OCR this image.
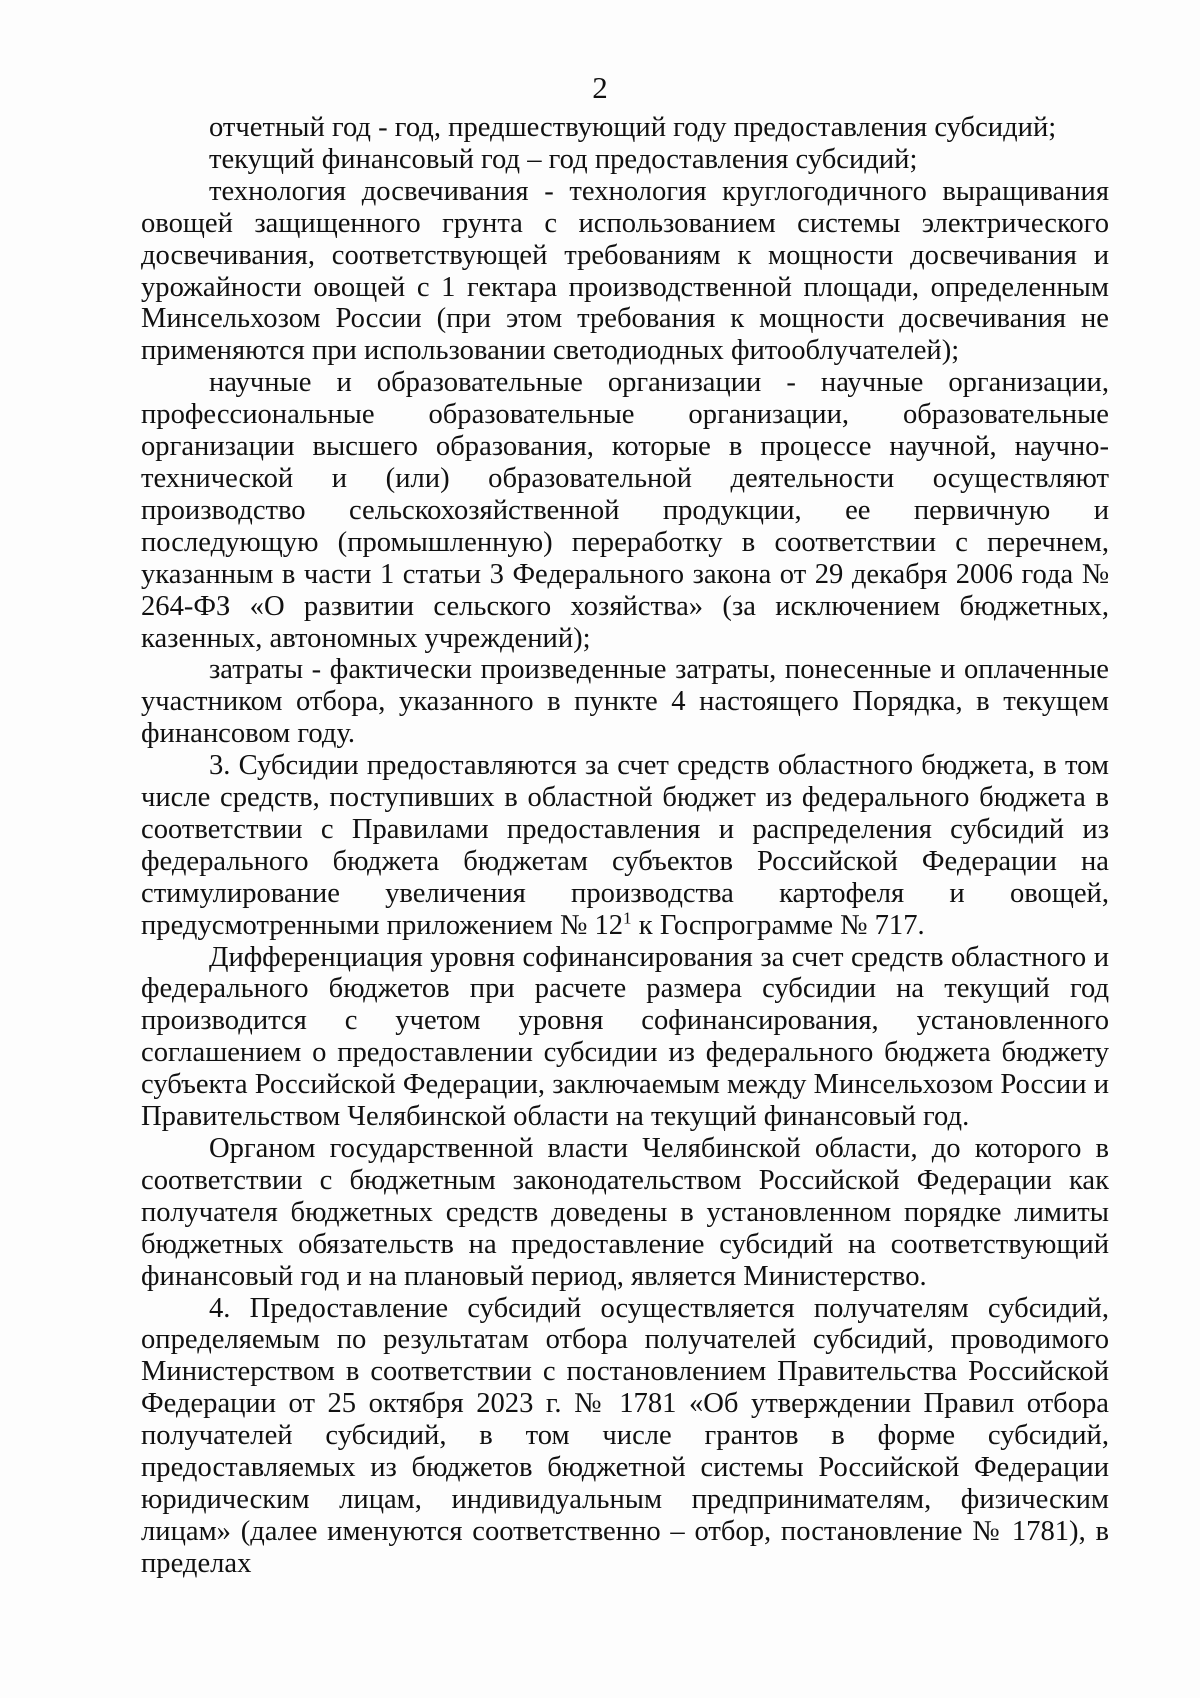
2

отчетный год - год, предшествующий году предоставления субсидий;

текущий финансовый год – год предоставления субсидий;

технология досвечивания - технология круглогодичного выращивания овощей защищенного грунта с использованием системы электрического досвечивания, соответствующей требованиям к мощности досвечивания и урожайности овощей с 1 гектара производственной площади, определенным Минсельхозом России (при этом требования к мощности досвечивания не применяются при использовании светодиодных фитооблучателей);

научные и образовательные организации - научные организации, профессиональные образовательные организации, образовательные организации высшего образования, которые в процессе научной, научно-технической и (или) образовательной деятельности осуществляют производство сельскохозяйственной продукции, ее первичную и последующую (промышленную) переработку в соответствии с перечнем, указанным в части 1 статьи 3 Федерального закона от 29 декабря 2006 года № 264-ФЗ «О развитии сельского хозяйства» (за исключением бюджетных, казенных, автономных учреждений);

затраты - фактически произведенные затраты, понесенные и оплаченные участником отбора, указанного в пункте 4 настоящего Порядка, в текущем финансовом году.

3. Субсидии предоставляются за счет средств областного бюджета, в том числе средств, поступивших в областной бюджет из федерального бюджета в соответствии с Правилами предоставления и распределения субсидий из федерального бюджета бюджетам субъектов Российской Федерации на стимулирование увеличения производства картофеля и овощей, предусмотренными приложением № $12^1$ к Госпрограмме № 717.

Дифференциация уровня софинансирования за счет средств областного и федерального бюджетов при расчете размера субсидии на текущий год производится с учетом уровня софинансирования, установленного соглашением о предоставлении субсидии из федерального бюджета бюджету субъекта Российской Федерации, заключаемым между Минсельхозом России и Правительством Челябинской области на текущий финансовый год.

Органом государственной власти Челябинской области, до которого в соответствии с бюджетным законодательством Российской Федерации как получателя бюджетных средств доведены в установленном порядке лимиты бюджетных обязательств на предоставление субсидий на соответствующий финансовый год и на плановый период, является Министерство.

4. Предоставление субсидий осуществляется получателям субсидий, определяемым по результатам отбора получателей субсидий, проводимого Министерством в соответствии с постановлением Правительства Российской Федерации от 25 октября 2023 г. № 1781 «Об утверждении Правил отбора получателей субсидий, в том числе грантов в форме субсидий, предоставляемых из бюджетов бюджетной системы Российской Федерации юридическим лицам, индивидуальным предпринимателям, физическим лицам» (далее именуются соответственно – отбор, постановление № 1781), в пределах
